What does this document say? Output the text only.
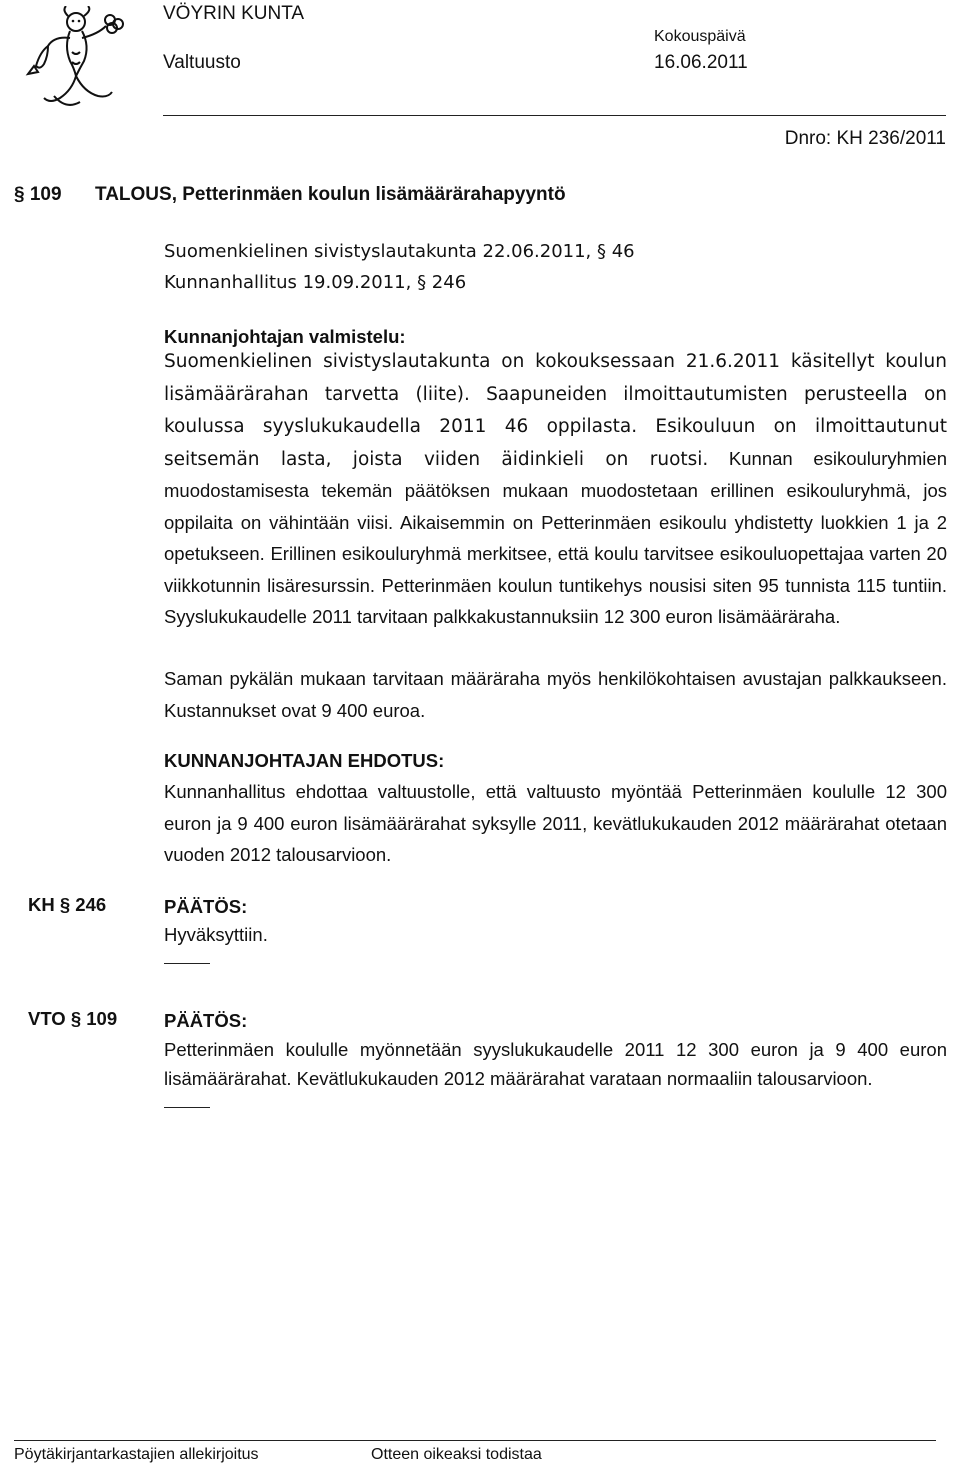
VÖYRIN KUNTA
Valtuusto
Kokouspäivä
16.06.2011
Dnro: KH 236/2011
§ 109 TALOUS, Petterinmäen koulun lisämäärärahapyyntö
Suomenkielinen sivistyslautakunta 22.06.2011, § 46
Kunnanhallitus 19.09.2011, § 246
Kunnanjohtajan valmistelu:
Suomenkielinen sivistyslautakunta on kokouksessaan 21.6.2011 käsitellyt koulun lisämäärärahan tarvetta (liite). Saapuneiden ilmoittautumisten perusteella on koulussa syyslukukaudella 2011 46 oppilasta. Esikouluun on ilmoittautunut seitsemän lasta, joista viiden äidinkieli on ruotsi. Kunnan esikouluryhmien muodostamisesta tekemän päätöksen mukaan muodostetaan erillinen esikouluryhmä, jos oppilaita on vähintään viisi. Aikaisemmin on Petterinmäen esikoulu yhdistetty luokkien 1 ja 2 opetukseen. Erillinen esikouluryhmä merkitsee, että koulu tarvitsee esikouluopettajaa varten 20 viikkotunnin lisäresurssin. Petterinmäen koulun tuntikehys nousisi siten 95 tunnista 115 tuntiin. Syyslukukaudelle 2011 tarvitaan palkkakustannuksiin 12 300 euron lisämääräraha.
Saman pykälän mukaan tarvitaan määräraha myös henkilökohtaisen avustajan palkkaukseen. Kustannukset ovat 9 400 euroa.
KUNNANJOHTAJAN EHDOTUS:
Kunnanhallitus ehdottaa valtuustolle, että valtuusto myöntää Petterinmäen koululle 12 300 euron ja 9 400 euron lisämäärärahat syksylle 2011, kevätlukukauden 2012 määrärahat otetaan vuoden 2012 talousarvioon.
KH § 246	PÄÄTÖS:
Hyväksyttiin.
VTO § 109	PÄÄTÖS:
Petterinmäen koululle myönnetään syyslukukaudelle 2011 12 300 euron ja 9 400 euron lisämäärärahat. Kevätlukukauden 2012 määrärahat varataan normaaliin talousarvioon.
Pöytäkirjantarkastajien allekirjoitus	Otteen oikeaksi todistaa
